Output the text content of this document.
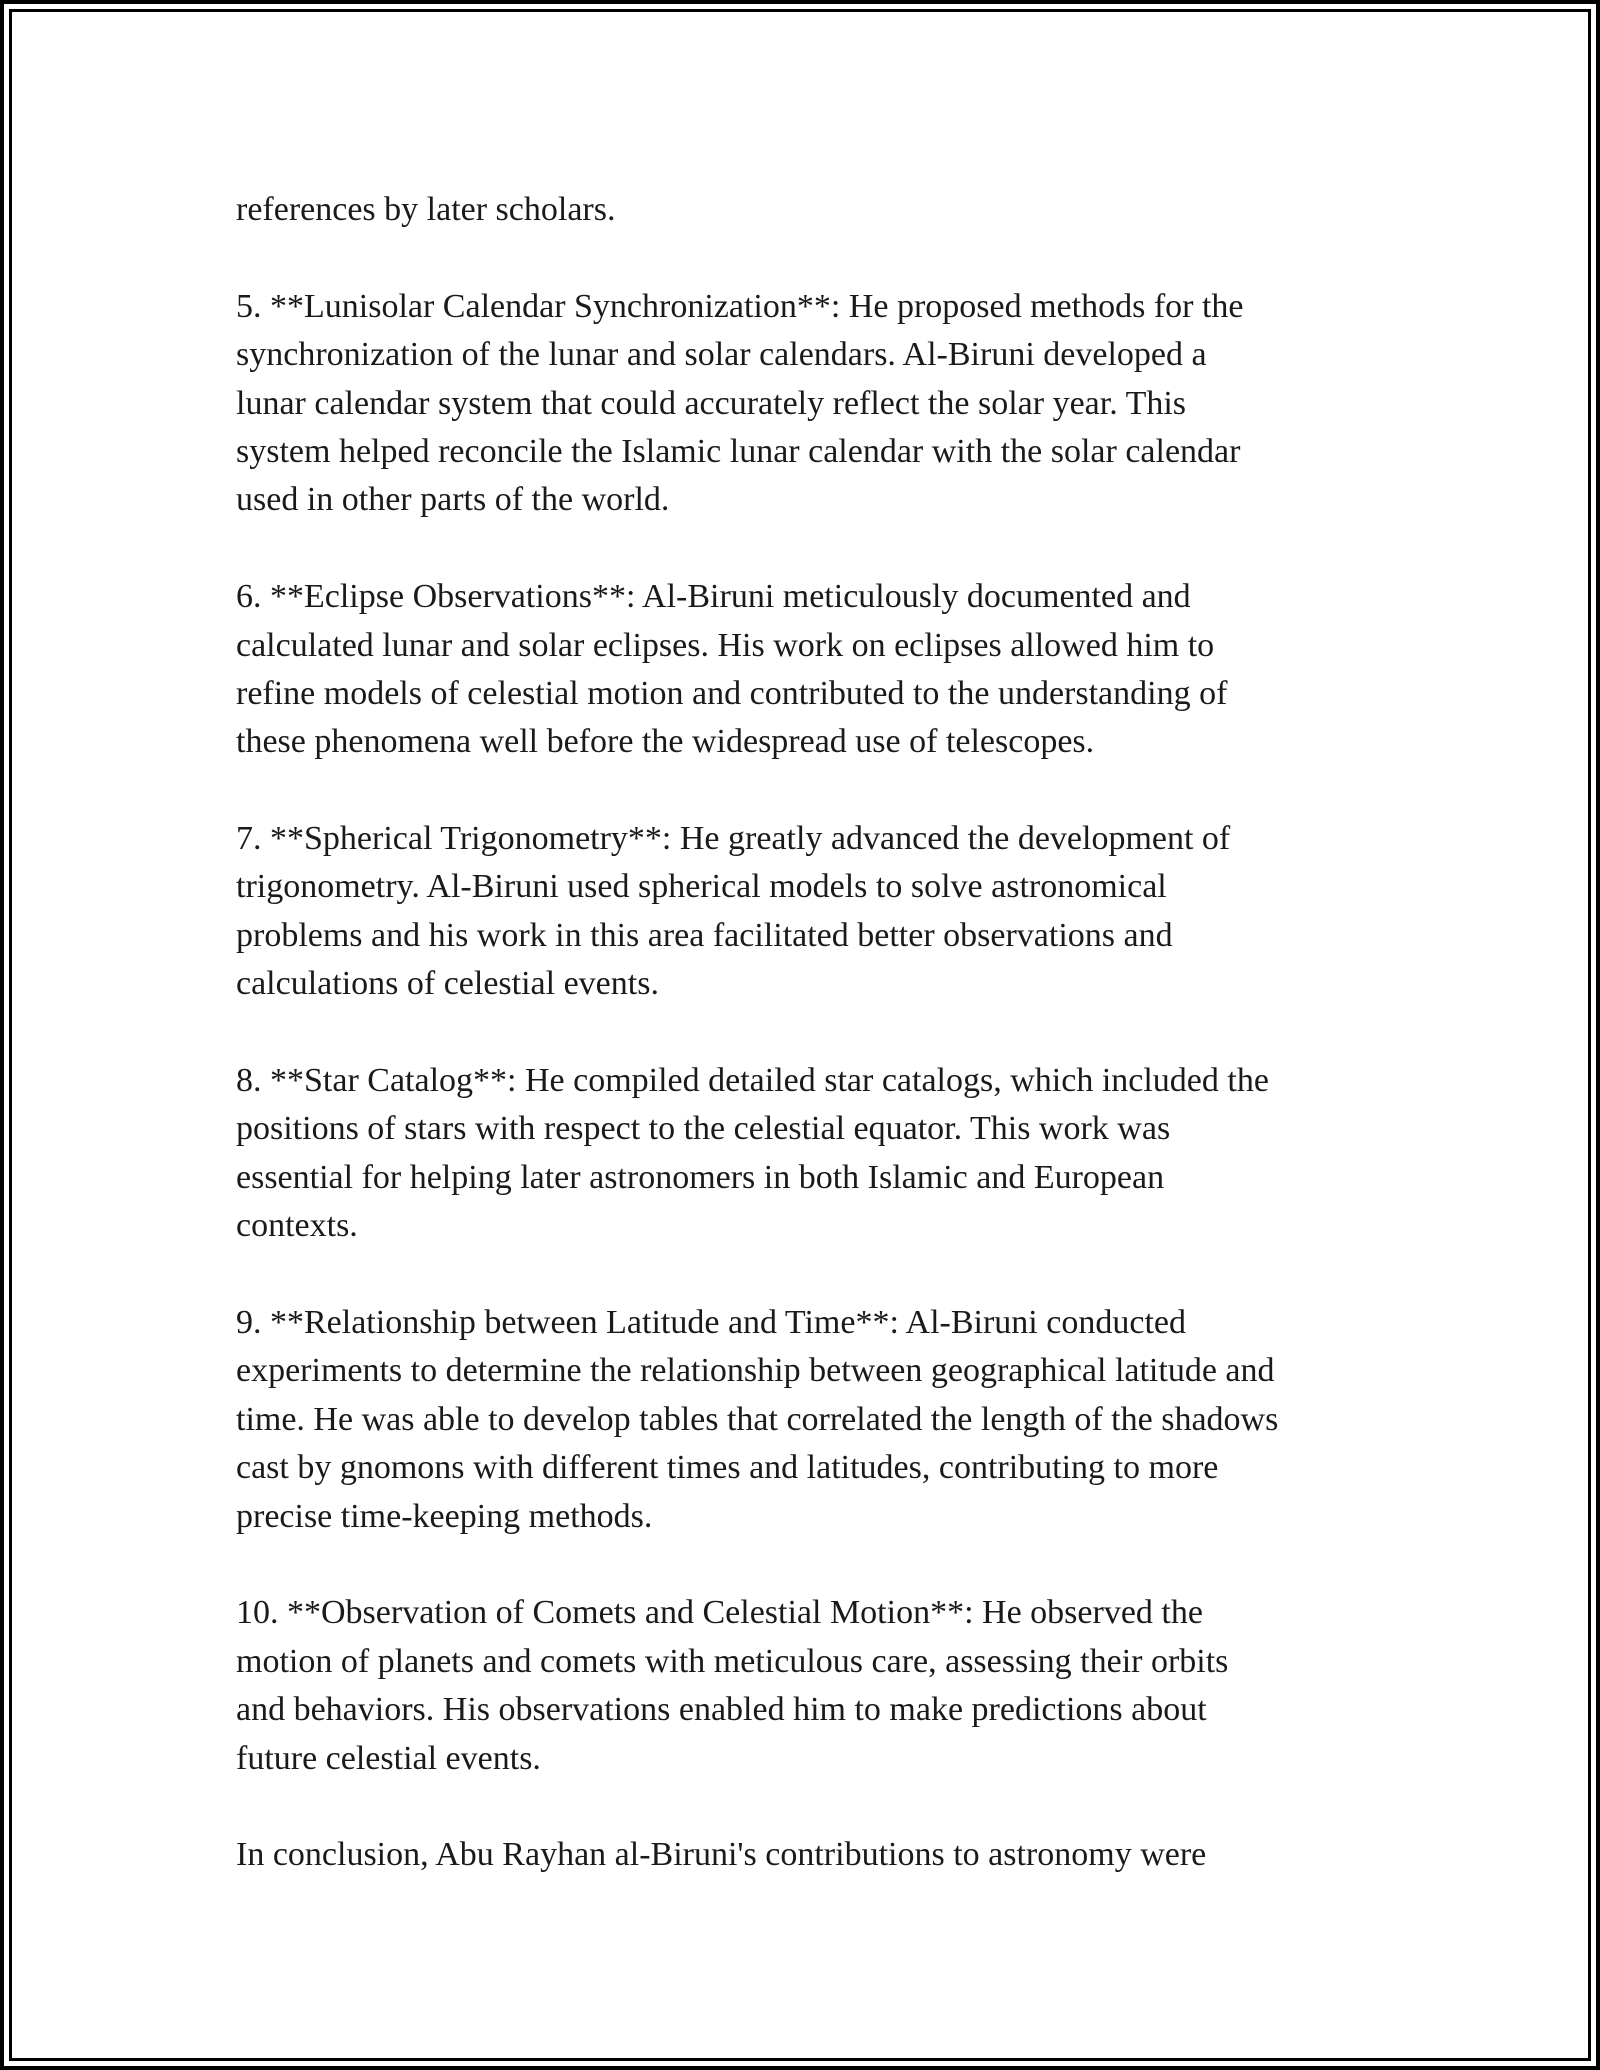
references by later scholars.
5. **Lunisolar Calendar Synchronization**: He proposed methods for the
synchronization of the lunar and solar calendars. Al-Biruni developed a
lunar calendar system that could accurately reflect the solar year. This
system helped reconcile the Islamic lunar calendar with the solar calendar
used in other parts of the world.
6. **Eclipse Observations**: Al-Biruni meticulously documented and
calculated lunar and solar eclipses. His work on eclipses allowed him to
refine models of celestial motion and contributed to the understanding of
these phenomena well before the widespread use of telescopes.
7. **Spherical Trigonometry**: He greatly advanced the development of
trigonometry. Al-Biruni used spherical models to solve astronomical
problems and his work in this area facilitated better observations and
calculations of celestial events.
8. **Star Catalog**: He compiled detailed star catalogs, which included the
positions of stars with respect to the celestial equator. This work was
essential for helping later astronomers in both Islamic and European
contexts.
9. **Relationship between Latitude and Time**: Al-Biruni conducted
experiments to determine the relationship between geographical latitude and
time. He was able to develop tables that correlated the length of the shadows
cast by gnomons with different times and latitudes, contributing to more
precise time-keeping methods.
10. **Observation of Comets and Celestial Motion**: He observed the
motion of planets and comets with meticulous care, assessing their orbits
and behaviors. His observations enabled him to make predictions about
future celestial events.
In conclusion, Abu Rayhan al-Biruni's contributions to astronomy were
